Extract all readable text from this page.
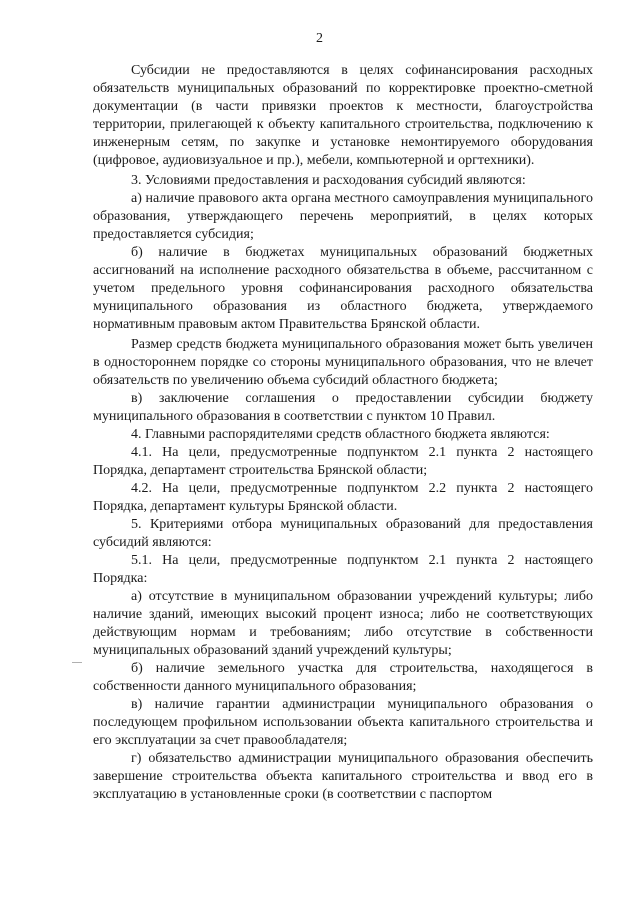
2

Субсидии не предоставляются в целях софинансирования расходных обязательств муниципальных образований по корректировке проектно-сметной документации (в части привязки проектов к местности, благоустройства территории, прилегающей к объекту капитального строительства, подключению к инженерным сетям, по закупке и установке немонтируемого оборудования (цифровое, аудиовизуальное и пр.), мебели, компьютерной и оргтехники).

3. Условиями предоставления и расходования субсидий являются:

а) наличие правового акта органа местного самоуправления муниципального образования, утверждающего перечень мероприятий, в целях которых предоставляется субсидия;

б) наличие в бюджетах муниципальных образований бюджетных ассигнований на исполнение расходного обязательства в объеме, рассчитанном с учетом предельного уровня софинансирования расходного обязательства муниципального образования из областного бюджета, утверждаемого нормативным правовым актом Правительства Брянской области.

Размер средств бюджета муниципального образования может быть увеличен в одностороннем порядке со стороны муниципального образования, что не влечет обязательств по увеличению объема субсидий областного бюджета;

в) заключение соглашения о предоставлении субсидии бюджету муниципального образования в соответствии с пунктом 10 Правил.

4. Главными распорядителями средств областного бюджета являются:

4.1. На цели, предусмотренные подпунктом 2.1 пункта 2 настоящего Порядка, департамент строительства Брянской области;

4.2. На цели, предусмотренные подпунктом 2.2 пункта 2 настоящего Порядка, департамент культуры Брянской области.

5. Критериями отбора муниципальных образований для предоставления субсидий являются:

5.1. На цели, предусмотренные подпунктом 2.1 пункта 2 настоящего Порядка:

а) отсутствие в муниципальном образовании учреждений культуры; либо наличие зданий, имеющих высокий процент износа; либо не соответствующих действующим нормам и требованиям; либо отсутствие в собственности муниципальных образований зданий учреждений культуры;

б) наличие земельного участка для строительства, находящегося в собственности данного муниципального образования;

в) наличие гарантии администрации муниципального образования о последующем профильном использовании объекта капитального строительства и его эксплуатации за счет правообладателя;

г) обязательство администрации муниципального образования обеспечить завершение строительства объекта капитального строительства и ввод его в эксплуатацию в установленные сроки (в соответствии с паспортом
